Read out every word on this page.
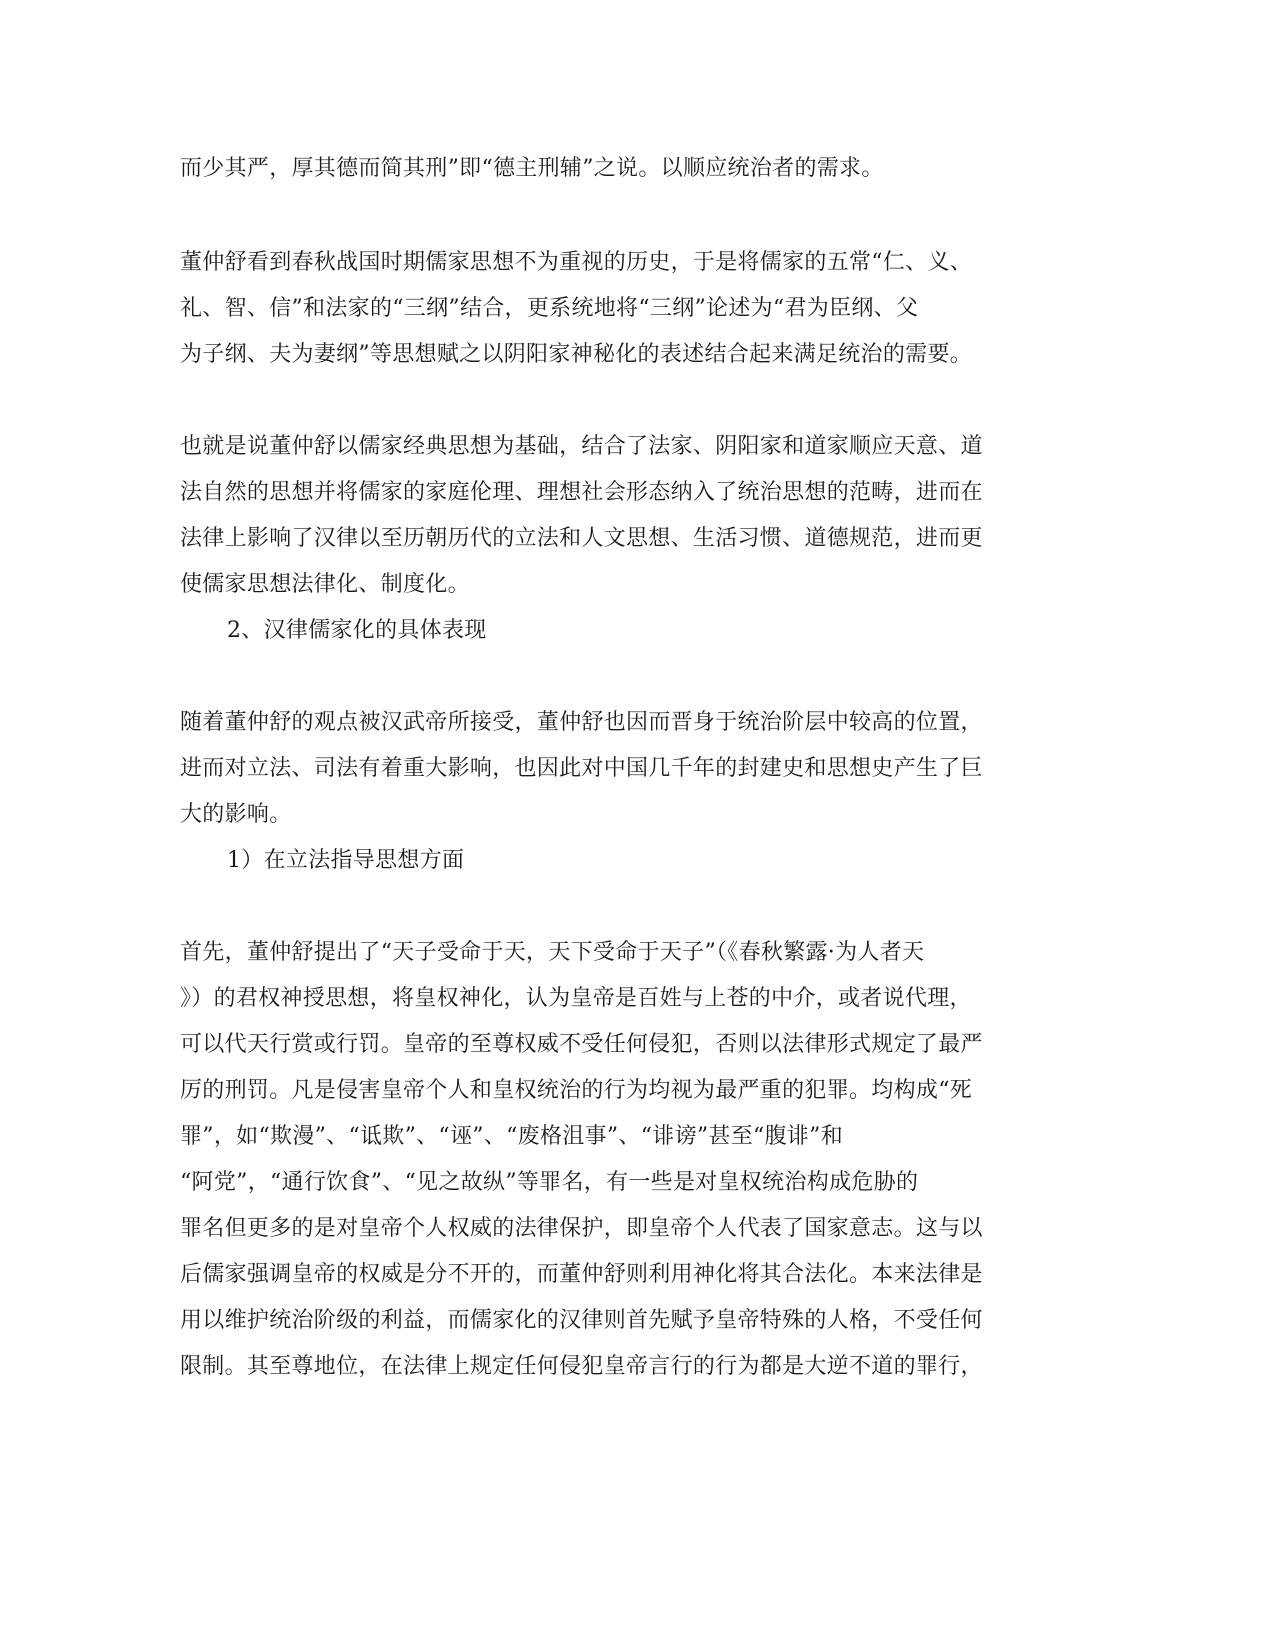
而少其严，厚其德而简其刑”即“德主刑辅”之说。以顺应统治者的需求。
董仲舒看到春秋战国时期儒家思想不为重视的历史，于是将儒家的五常“仁、义、
礼、智、信”和法家的“三纲”结合，更系统地将“三纲”论述为“君为臣纲、父
为子纲、夫为妻纲”等思想赋之以阴阳家神秘化的表述结合起来满足统治的需要。
也就是说董仲舒以儒家经典思想为基础，结合了法家、阴阳家和道家顺应天意、道
法自然的思想并将儒家的家庭伦理、理想社会形态纳入了统治思想的范畴，进而在
法律上影响了汉律以至历朝历代的立法和人文思想、生活习惯、道德规范，进而更
使儒家思想法律化、制度化。
2、汉律儒家化的具体表现
随着董仲舒的观点被汉武帝所接受，董仲舒也因而晋身于统治阶层中较高的位置，
进而对立法、司法有着重大影响，也因此对中国几千年的封建史和思想史产生了巨
大的影响。
1）在立法指导思想方面
首先，董仲舒提出了“天子受命于天，天下受命于天子”（《春秋繁露·为人者天
》）的君权神授思想，将皇权神化，认为皇帝是百姓与上苍的中介，或者说代理，
可以代天行赏或行罚。皇帝的至尊权威不受任何侵犯，否则以法律形式规定了最严
厉的刑罚。凡是侵害皇帝个人和皇权统治的行为均视为最严重的犯罪。均构成“死
罪”，如“欺漫”、“诋欺”、“诬”、“废格沮事”、“诽谤”甚至“腹诽”和
“阿党”，“通行饮食”、“见之故纵”等罪名，有一些是对皇权统治构成危胁的
罪名但更多的是对皇帝个人权威的法律保护，即皇帝个人代表了国家意志。这与以
后儒家强调皇帝的权威是分不开的，而董仲舒则利用神化将其合法化。本来法律是
用以维护统治阶级的利益，而儒家化的汉律则首先赋予皇帝特殊的人格，不受任何
限制。其至尊地位，在法律上规定任何侵犯皇帝言行的行为都是大逆不道的罪行，
